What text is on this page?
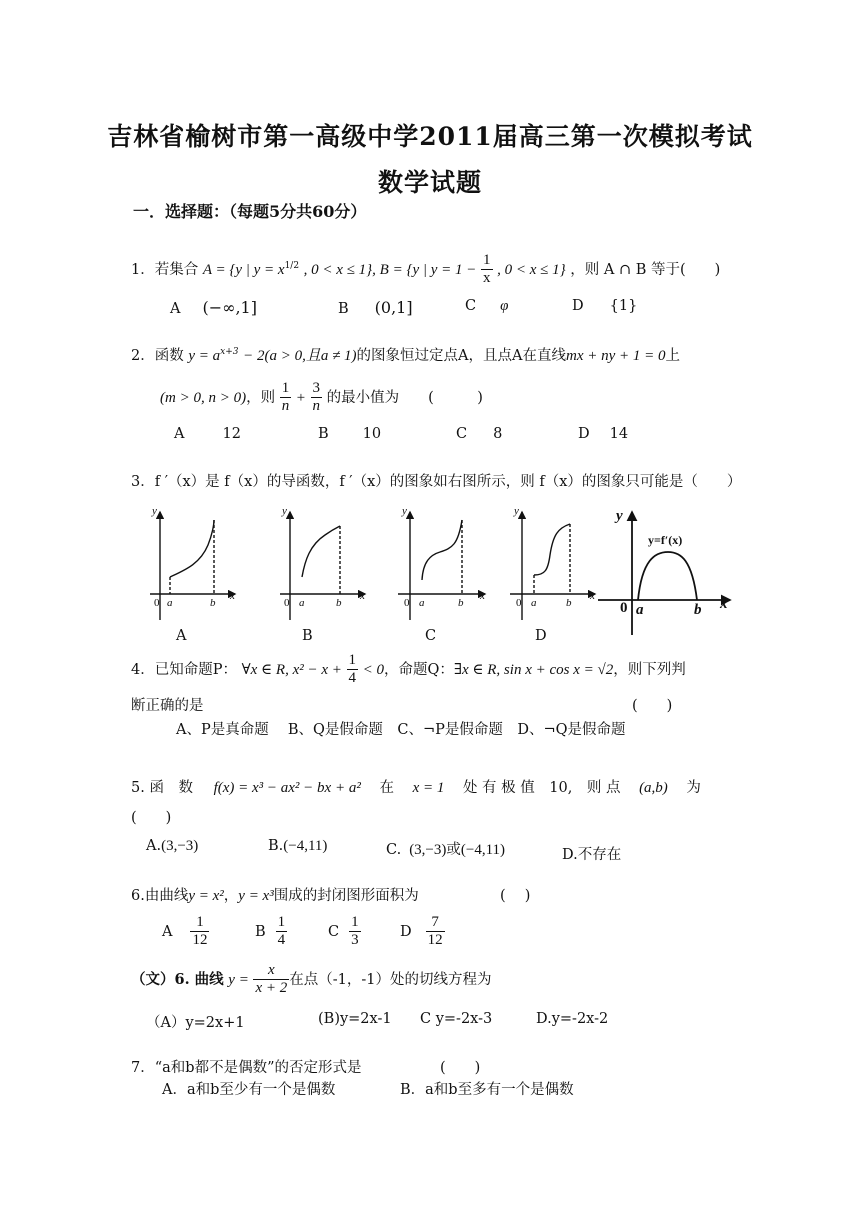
吉林省榆树市第一高级中学2011届高三第一次模拟考试
数学试题
一．选择题：（每题5分共60分）
1．若集合 A = {y | $y = x^{1/2}$ , 0 < x ≤ 1}, B = {y | $y = 1 - \frac{1}{x}$ , 0 < x ≤ 1} ，则 A ∩ B 等于(　　)
A (−∞,1]	B (0,1]	C φ	D {1}
2．函数 $y = a^{x+3} - 2(a > 0$,且a ≠ 1)的图象恒过定点A，且点A在直线mx + ny + 1 = 0上
(m > 0, n > 0)，则 $\frac{1}{n} + \frac{3}{n}$ 的最小值为　　(　　　)
A	12	B 10	C 8	D 14
3．f ′（x）是 f（x）的导函数，f ′（x）的图象如右图所示，则 f（x）的图象只可能是（　　）
y
0 a	b
x
y
0 a	b
x
y
0 a	b
x
y
0 a	b
x
y
y=f′(x)
0 a	b x
A	B	C	D
4．已知命题P： ∀x ∈ R, $x^2 - x + \frac{1}{4} < 0$，命题Q：∃x ∈ R, sin x + cos x = √2，则下列判
断正确的是	(　　)
A、P是真命题　 B、Q是假命题　C、¬P是假命题　D、¬Q是假命题
5. 函　数 f(x) = x³ − ax² − bx + a² 在 x = 1 处 有 极 值　10,　则 点 (a,b) 为
(　　)
A.(3,−3)	B.(−4,11)	C. (3,−3)或(−4,11)	D.不存在
6.由曲线y = x²，y = x³围成的封闭图形面积为	(　 )
A $\frac{1}{12}$	B $\frac{1}{4}$	C $\frac{1}{3}$	D $\frac{7}{12}$
（文）6. 曲线 $y = \frac{x}{x + 2}$ 在点（-1，-1）处的切线方程为
（A）y=2x+1	(B)y=2x-1 C y=-2x-3	D.y=-2x-2
7．“a和b都不是偶数”的否定形式是	(　　)
A．a和b至少有一个是偶数	B．a和b至多有一个是偶数
